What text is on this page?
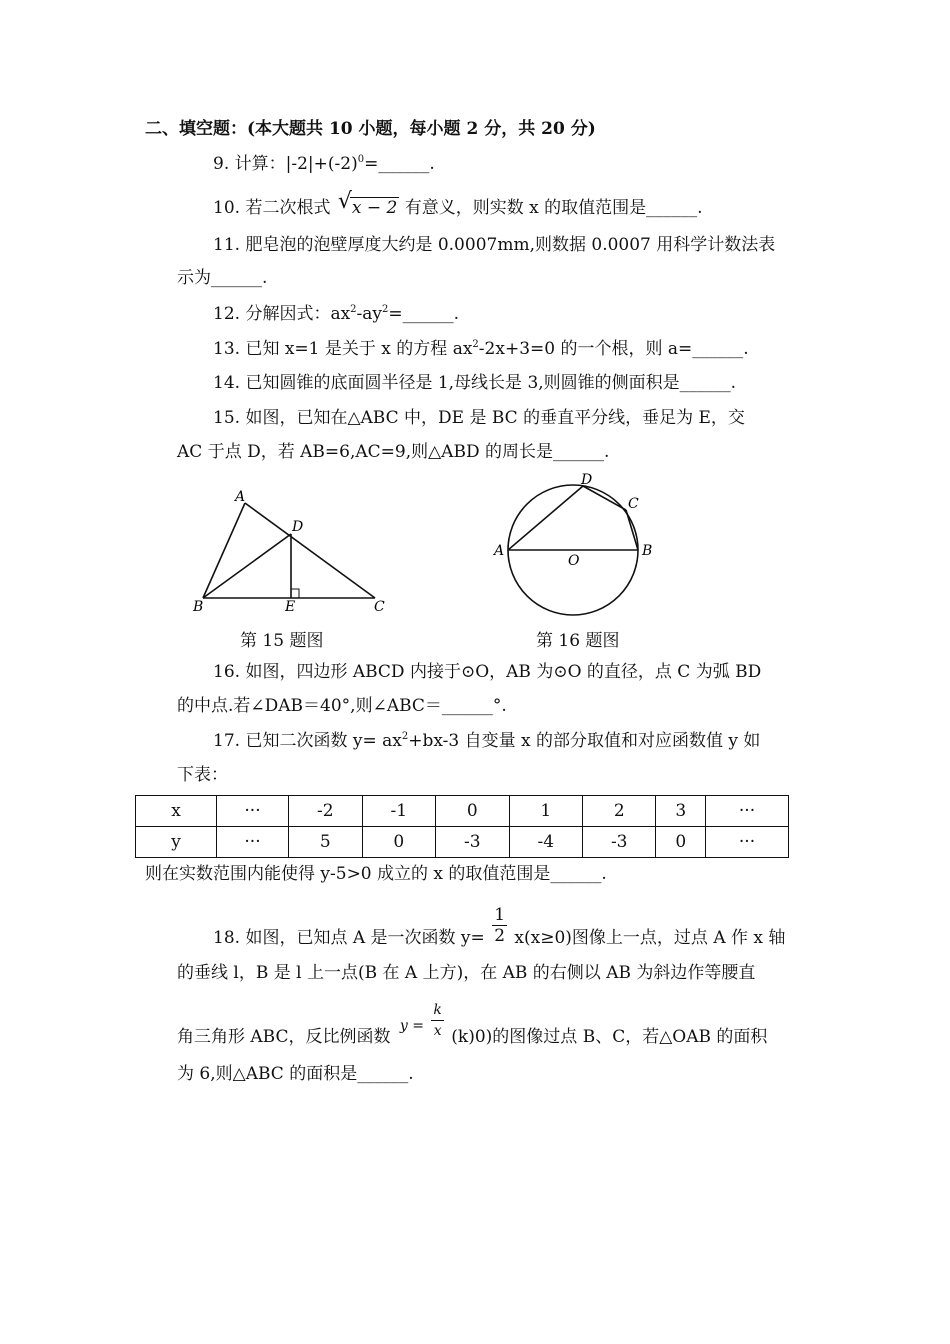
二、填空题：(本大题共 10 小题，每小题 2 分，共 20 分)
9. 计算：$|-2|+(-2)^0=\_\_\_\_\_\_$.
10. 若二次根式 √ x − 2 有意义，则实数 x 的取值范围是______.
11. 肥皂泡的泡壁厚度大约是 0.0007mm,则数据 0.0007 用科学计数法表
示为______.
12. 分解因式：$ax^2-ay^2=\_\_\_\_\_\_$.
13. 已知 x=1 是关于 x 的方程 $ax^2-2x+3=0$ 的一个根，则 a=______.
14. 已知圆锥的底面圆半径是 1,母线长是 3,则圆锥的侧面积是______.
15. 如图，已知在△ABC 中，DE 是 BC 的垂直平分线，垂足为 E，交
AC 于点 D，若 AB=6,AC=9,则△ABD 的周长是______.
A
B	C
D
E
第 15 题图
A	B
C
D
O
第 16 题图
16. 如图，四边形 ABCD 内接于⊙O，AB 为⊙O 的直径，点 C 为弧 BD
的中点.若∠DAB＝40°,则∠ABC＝______°.
17. 已知二次函数 $y= ax^2+bx-3$ 自变量 x 的部分取值和对应函数值 y 如
下表：
x	···	-2	-1	0	1	2	3	···
y	···	5	0	-3	-4	-3	0	···
则在实数范围内能使得 y-5>0 成立的 x 的取值范围是______.
18. 如图，已知点 A 是一次函数 $y= \frac{1}{2} x(x\ge 0)$图像上一点，过点 A 作 x 轴
的垂线 l，B 是 l 上一点(B 在 A 上方)，在 AB 的右侧以 AB 为斜边作等腰直
角三角形 ABC，反比例函数 $_{y =} \frac{k}{x} (k)0$)的图像过点 B、C，若△OAB 的面积
为 6,则△ABC 的面积是______.
